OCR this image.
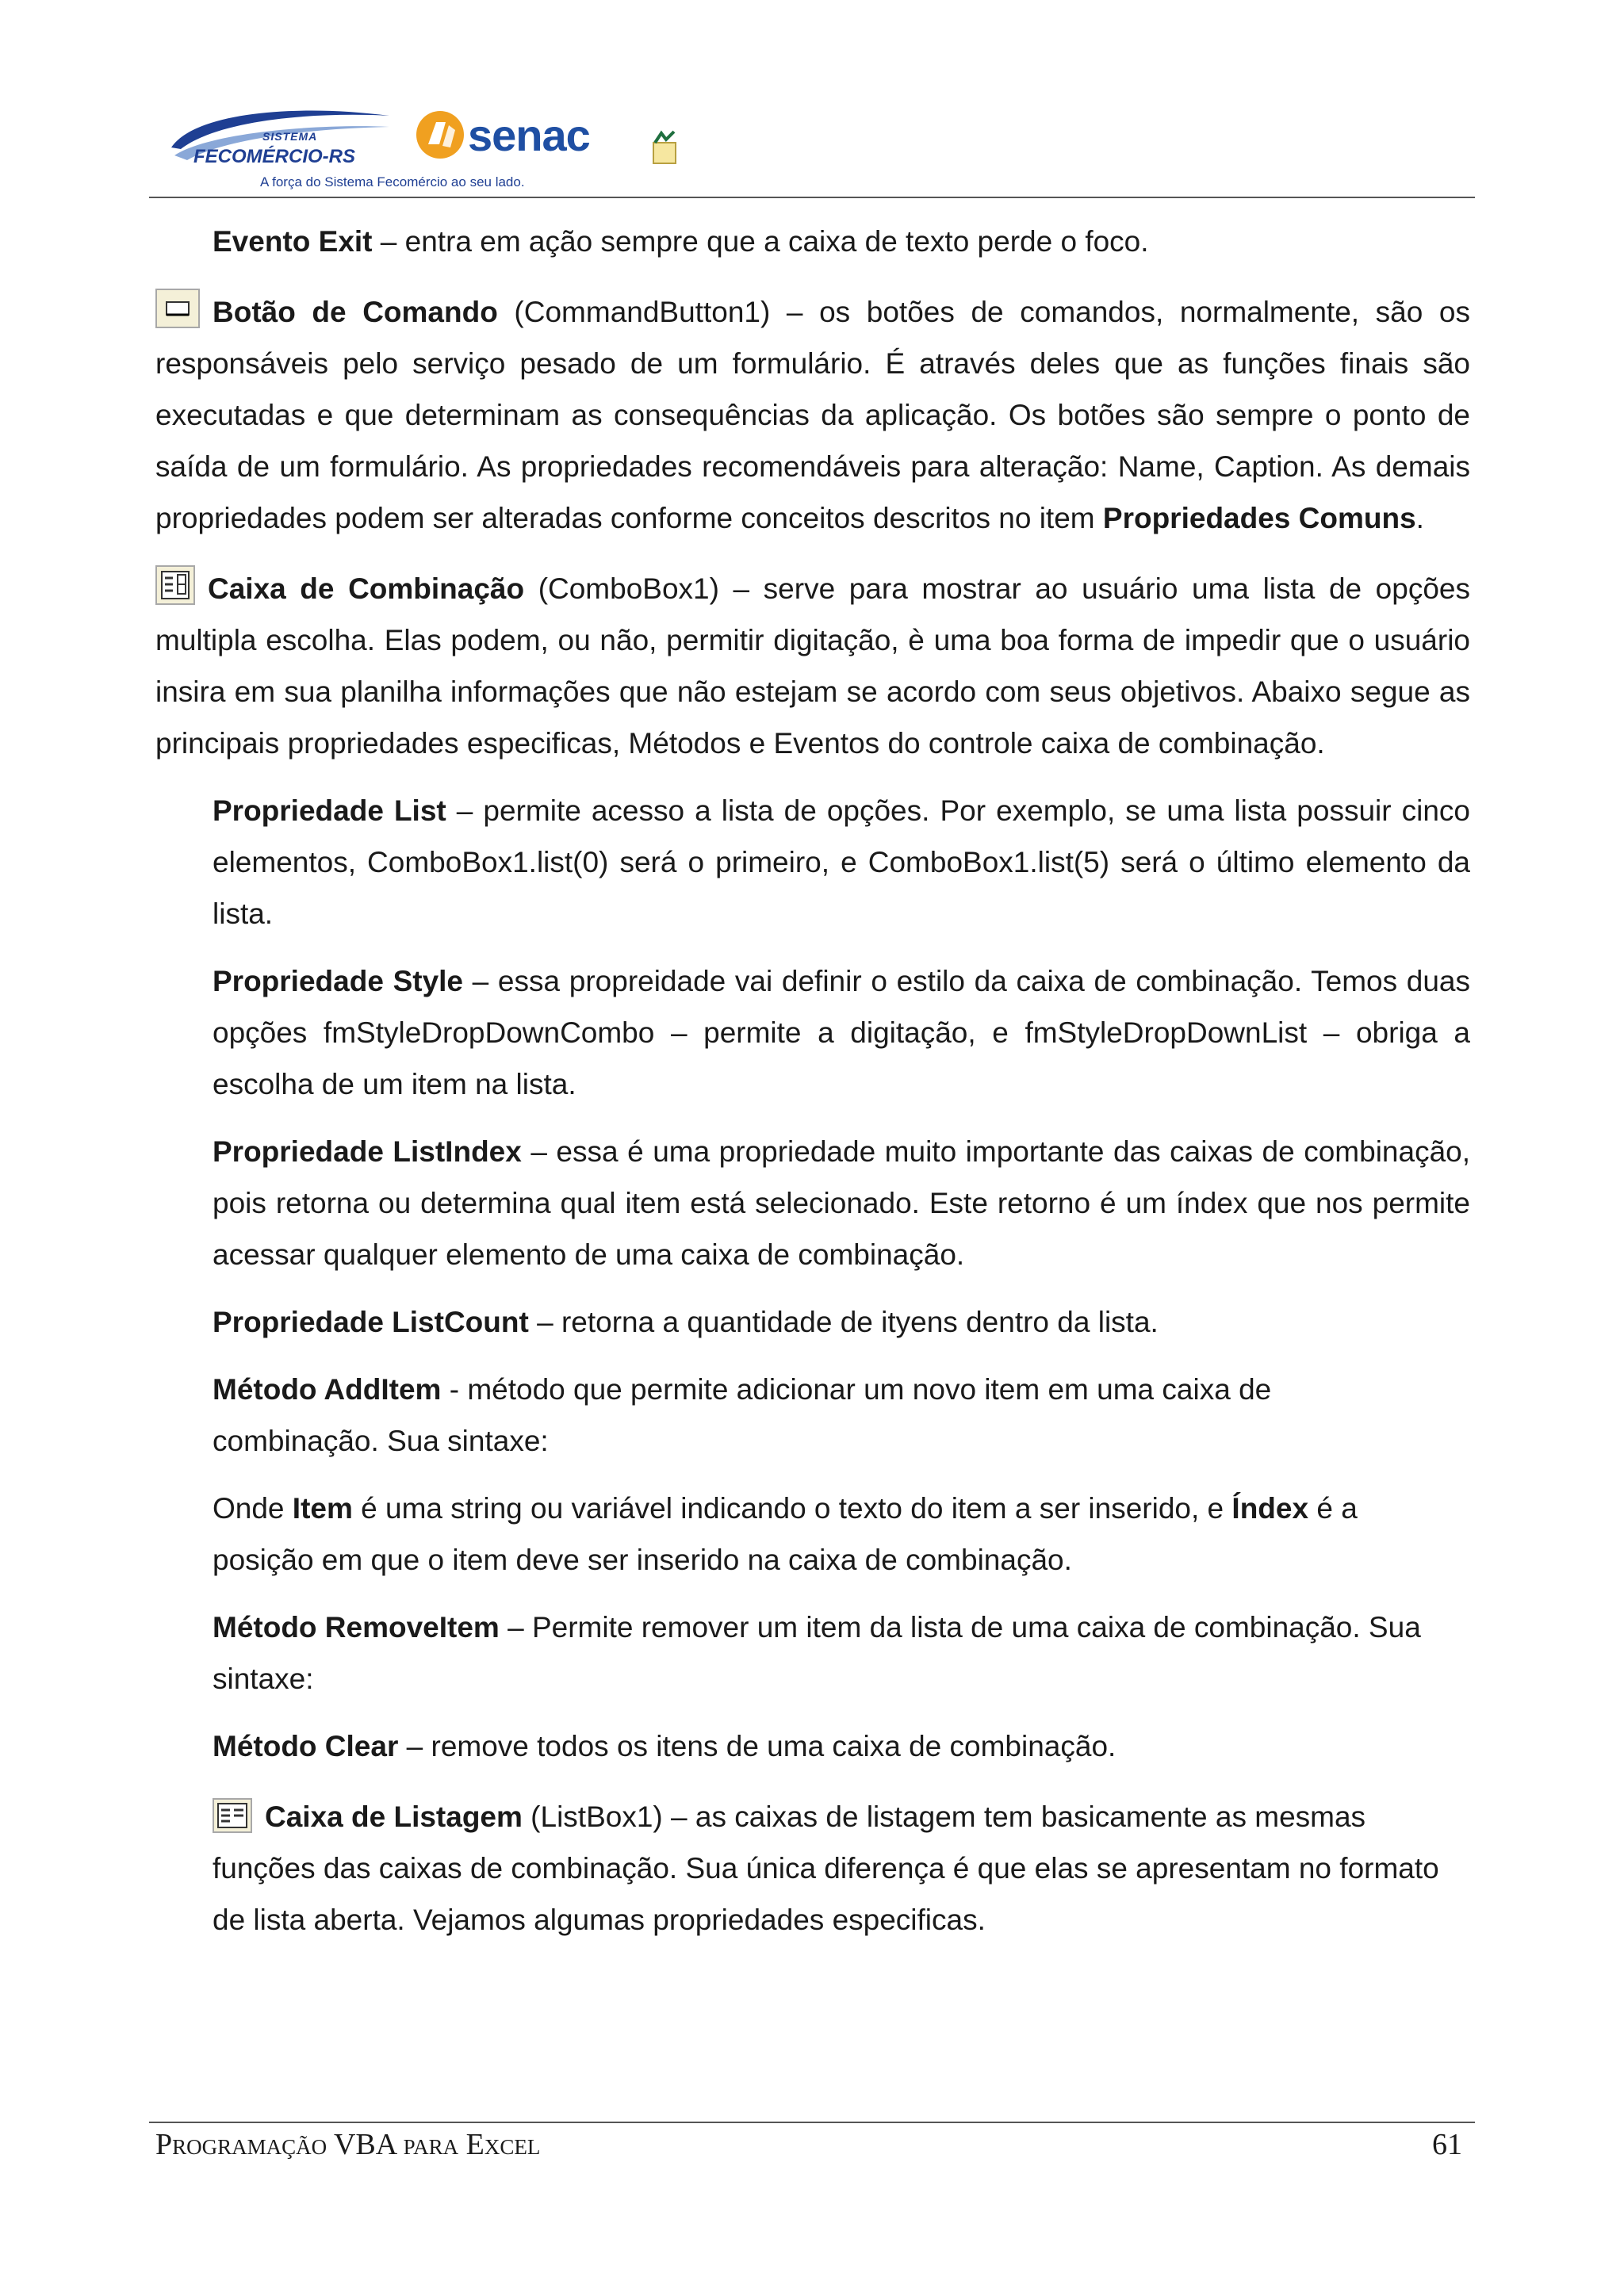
SISTEMA
FECOMÉRCIO-RS	senac
A força do Sistema Fecomércio ao seu lado.

Evento Exit – entra em ação sempre que a caixa de texto perde o foco.

Botão de Comando (CommandButton1) – os botões de comandos, normalmente, são os responsáveis pelo serviço pesado de um formulário. É através deles que as funções finais são executadas e que determinam as consequências da aplicação. Os botões são sempre o ponto de saída de um formulário. As propriedades recomendáveis para alteração: Name, Caption. As demais propriedades podem ser alteradas conforme conceitos descritos no item Propriedades Comuns.

Caixa de Combinação (ComboBox1) – serve para mostrar ao usuário uma lista de opções multipla escolha. Elas podem, ou não, permitir digitação, è uma boa forma de impedir que o usuário insira em sua planilha informações que não estejam se acordo com seus objetivos. Abaixo segue as principais propriedades especificas, Métodos e Eventos do controle caixa de combinação.

Propriedade List – permite acesso a lista de opções. Por exemplo, se uma lista possuir cinco elementos, ComboBox1.list(0) será o primeiro, e ComboBox1.list(5) será o último elemento da lista.

Propriedade Style – essa propreidade vai definir o estilo da caixa de combinação. Temos duas opções fmStyleDropDownCombo – permite a digitação, e fmStyleDropDownList – obriga a escolha de um item na lista.

Propriedade ListIndex – essa é uma propriedade muito importante das caixas de combinação, pois retorna ou determina qual item está selecionado. Este retorno é um índex que nos permite acessar qualquer elemento de uma caixa de combinação.

Propriedade ListCount – retorna a quantidade de ityens dentro da lista.

Método AddItem - método que permite adicionar um novo item em uma caixa de combinação. Sua sintaxe:

Onde Item é uma string ou variável indicando o texto do item a ser inserido, e Índex é a posição em que o item deve ser inserido na caixa de combinação.

Método RemoveItem – Permite remover um item da lista de uma caixa de combinação. Sua sintaxe:

Método Clear – remove todos os itens de uma caixa de combinação.

Caixa de Listagem (ListBox1) – as caixas de listagem tem basicamente as mesmas funções das caixas de combinação. Sua única diferença é que elas se apresentam no formato de lista aberta. Vejamos algumas propriedades especificas.

Programação VBA para Excel	61
